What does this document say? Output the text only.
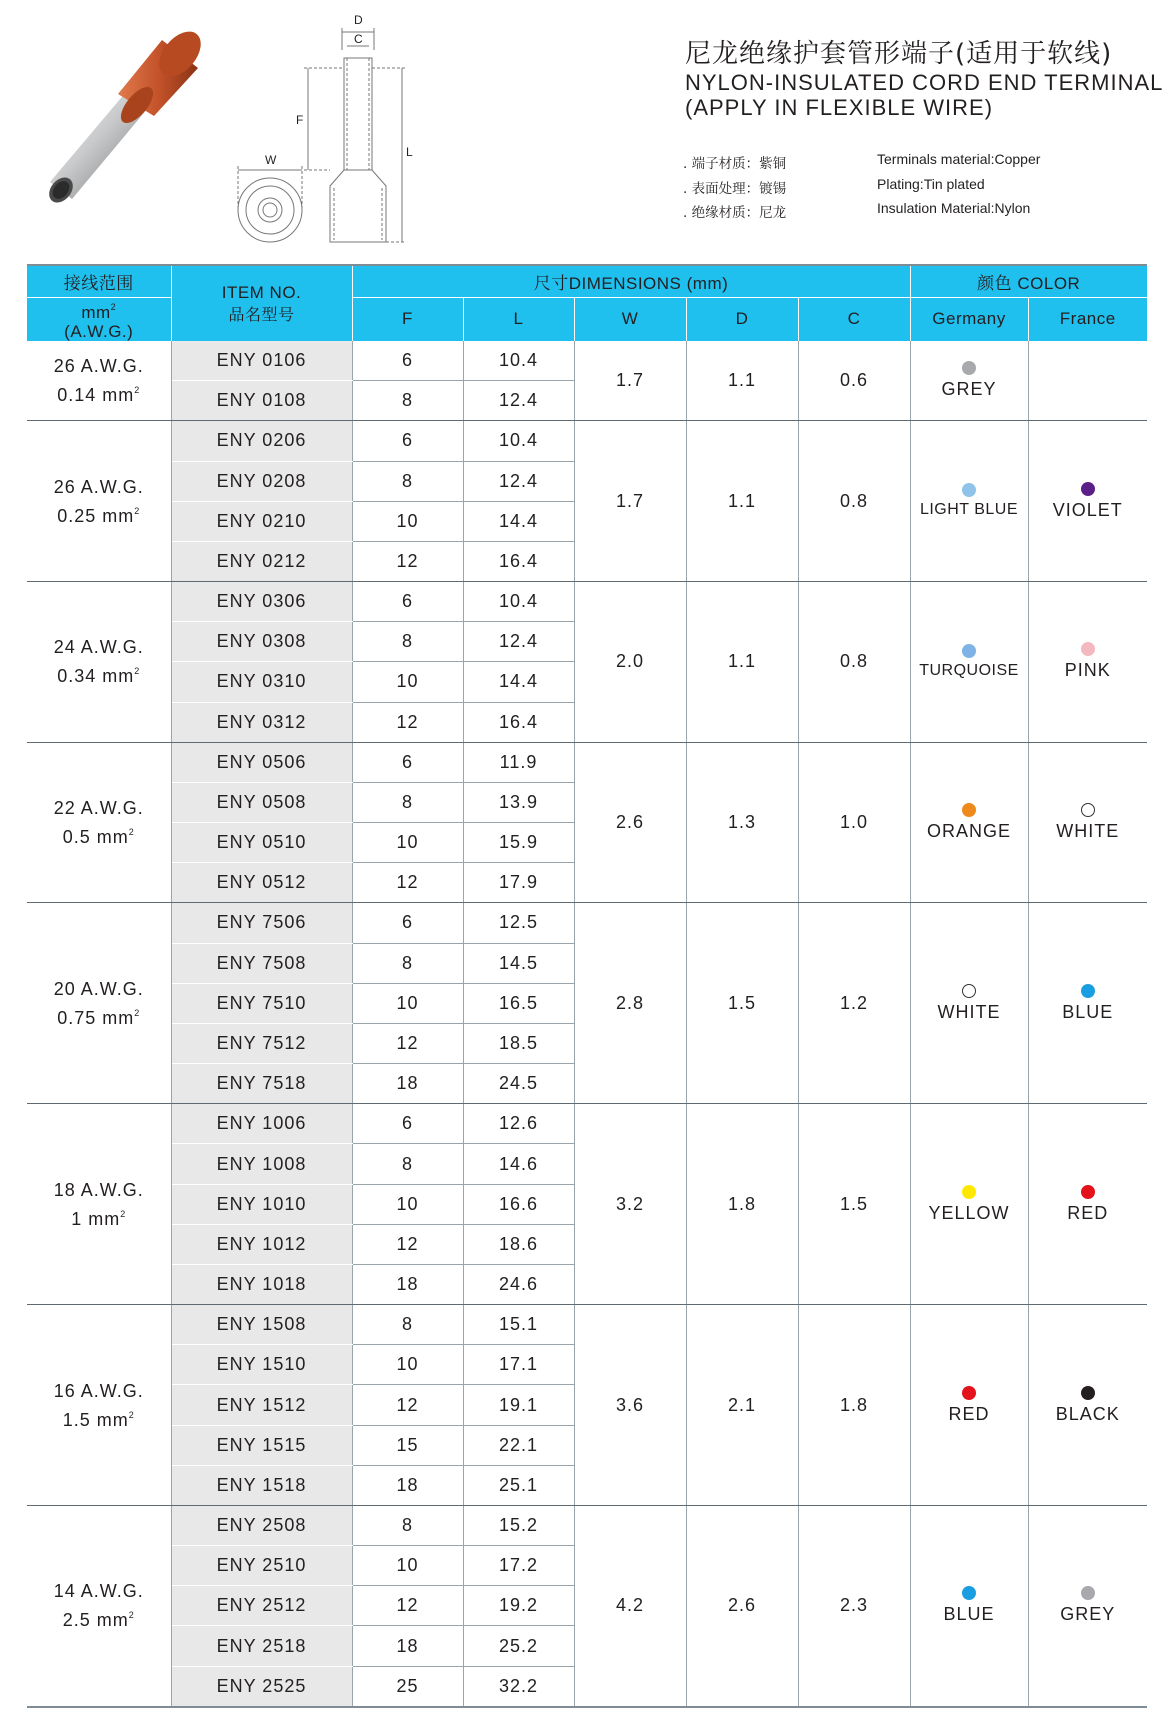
D
C
F
L
W
尼龙绝缘护套管形端子(适用于软线)
NYLON-INSULATED CORD END TERMINAL
(APPLY IN FLEXIBLE WIRE)
. 端子材质：紫铜	Terminals material:Copper
. 表面处理：镀锡	Plating:Tin plated
. 绝缘材质：尼龙	Insulation Material:Nylon
接线范围	ITEM NO.
品名型号	尺寸DIMENSIONS (mm)					颜色 COLOR	
$mm^2$
(A.W.G.)		F	L	W	D	C	Germany	France
26 A.W.G.
0.14 $mm^2$	ENY 0106	6	10.4	1.7	1.1	0.6	GREY	

	ENY 0108	8	12.4					
26 A.W.G.
0.25 $mm^2$	ENY 0206	6	10.4	1.7	1.1	0.8	LIGHT BLUE	VIOLET

	ENY 0208	8	12.4					
	ENY 0210	10	14.4					
	ENY 0212	12	16.4					
24 A.W.G.
0.34 $mm^2$	ENY 0306	6	10.4	2.0	1.1	0.8	TURQUOISE	PINK

	ENY 0308	8	12.4					
	ENY 0310	10	14.4					
	ENY 0312	12	16.4					
22 A.W.G.
0.5 $mm^2$	ENY 0506	6	11.9	2.6	1.3	1.0	ORANGE	WHITE

	ENY 0508	8	13.9					
	ENY 0510	10	15.9					
	ENY 0512	12	17.9					
20 A.W.G.
0.75 $mm^2$	ENY 7506	6	12.5	2.8	1.5	1.2	WHITE	BLUE

	ENY 7508	8	14.5					
	ENY 7510	10	16.5					
	ENY 7512	12	18.5					
	ENY 7518	18	24.5					
18 A.W.G.
1 $mm^2$	ENY 1006	6	12.6	3.2	1.8	1.5	YELLOW	RED

	ENY 1008	8	14.6					
	ENY 1010	10	16.6					
	ENY 1012	12	18.6					
	ENY 1018	18	24.6					
16 A.W.G.
1.5 $mm^2$	ENY 1508	8	15.1	3.6	2.1	1.8	RED	BLACK

	ENY 1510	10	17.1					
	ENY 1512	12	19.1					
	ENY 1515	15	22.1					
	ENY 1518	18	25.1					
14 A.W.G.
2.5 $mm^2$	ENY 2508	8	15.2	4.2	2.6	2.3	BLUE	GREY

	ENY 2510	10	17.2					
	ENY 2512	12	19.2					
	ENY 2518	18	25.2					
	ENY 2525	25	32.2					
